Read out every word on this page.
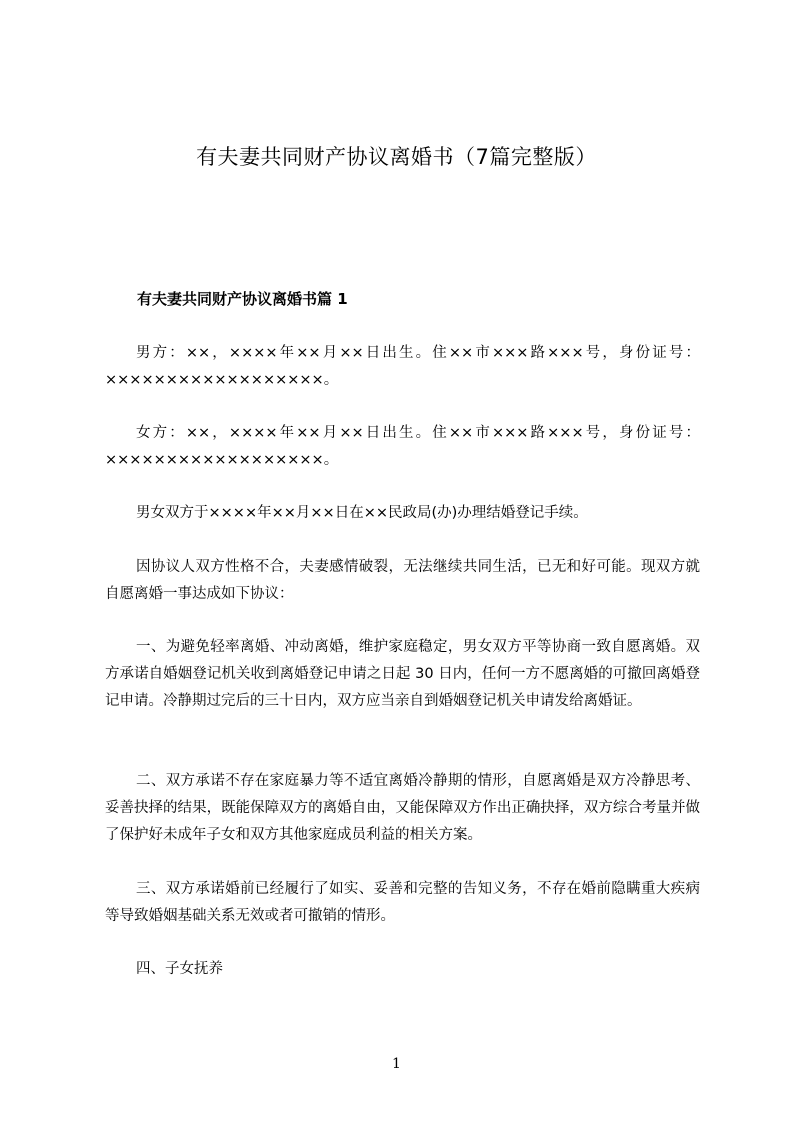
有夫妻共同财产协议离婚书（7篇完整版）
有夫妻共同财产协议离婚书篇 1

男方：××，××××年××月××日出生。住××市×××路×××号，身份证号：××××××××××××××××××。

女方：××，××××年××月××日出生。住××市×××路×××号，身份证号：××××××××××××××××××。

男女双方于××××年××月××日在××民政局(办)办理结婚登记手续。

因协议人双方性格不合，夫妻感情破裂，无法继续共同生活，已无和好可能。现双方就自愿离婚一事达成如下协议：

一、为避免轻率离婚、冲动离婚，维护家庭稳定，男女双方平等协商一致自愿离婚。双方承诺自婚姻登记机关收到离婚登记申请之日起 30 日内，任何一方不愿离婚的可撤回离婚登记申请。冷静期过完后的三十日内，双方应当亲自到婚姻登记机关申请发给离婚证。

二、双方承诺不存在家庭暴力等不适宜离婚冷静期的情形，自愿离婚是双方冷静思考、妥善抉择的结果，既能保障双方的离婚自由，又能保障双方作出正确抉择，双方综合考量并做了保护好未成年子女和双方其他家庭成员利益的相关方案。

三、双方承诺婚前已经履行了如实、妥善和完整的告知义务，不存在婚前隐瞒重大疾病等导致婚姻基础关系无效或者可撤销的情形。

四、子女抚养

1
